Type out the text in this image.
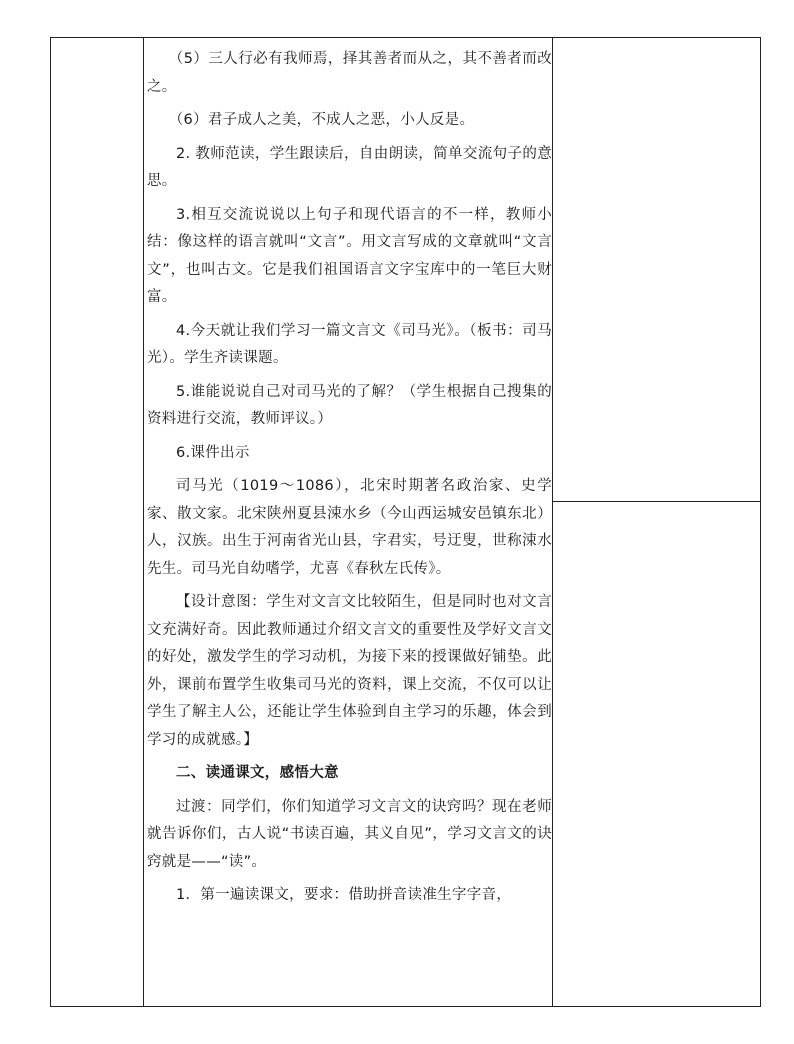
（5）三人行必有我师焉，择其善者而从之，其不善者而改之。

（6）君子成人之美，不成人之恶，小人反是。

2. 教师范读，学生跟读后，自由朗读，简单交流句子的意思。

3.相互交流说说以上句子和现代语言的不一样，教师小结：像这样的语言就叫“文言”。用文言写成的文章就叫“文言文”，也叫古文。它是我们祖国语言文字宝库中的一笔巨大财富。

4.今天就让我们学习一篇文言文《司马光》。（板书：司马光）。学生齐读课题。

5.谁能说说自己对司马光的了解？（学生根据自己搜集的资料进行交流，教师评议。）

6.课件出示

司马光（1019～1086），北宋时期著名政治家、史学家、散文家。北宋陕州夏县涑水乡（今山西运城安邑镇东北）人，汉族。出生于河南省光山县，字君实，号迂叟，世称涑水先生。司马光自幼嗜学，尤喜《春秋左氏传》。

【设计意图：学生对文言文比较陌生，但是同时也对文言文充满好奇。因此教师通过介绍文言文的重要性及学好文言文的好处，激发学生的学习动机，为接下来的授课做好铺垫。此外，课前布置学生收集司马光的资料，课上交流，不仅可以让学生了解主人公，还能让学生体验到自主学习的乐趣，体会到学习的成就感。】

二、读通课文，感悟大意

过渡：同学们，你们知道学习文言文的诀窍吗？现在老师就告诉你们，古人说“书读百遍，其义自见”，学习文言文的诀窍就是——“读”。

1．第一遍读课文，要求：借助拼音读准生字字音，
